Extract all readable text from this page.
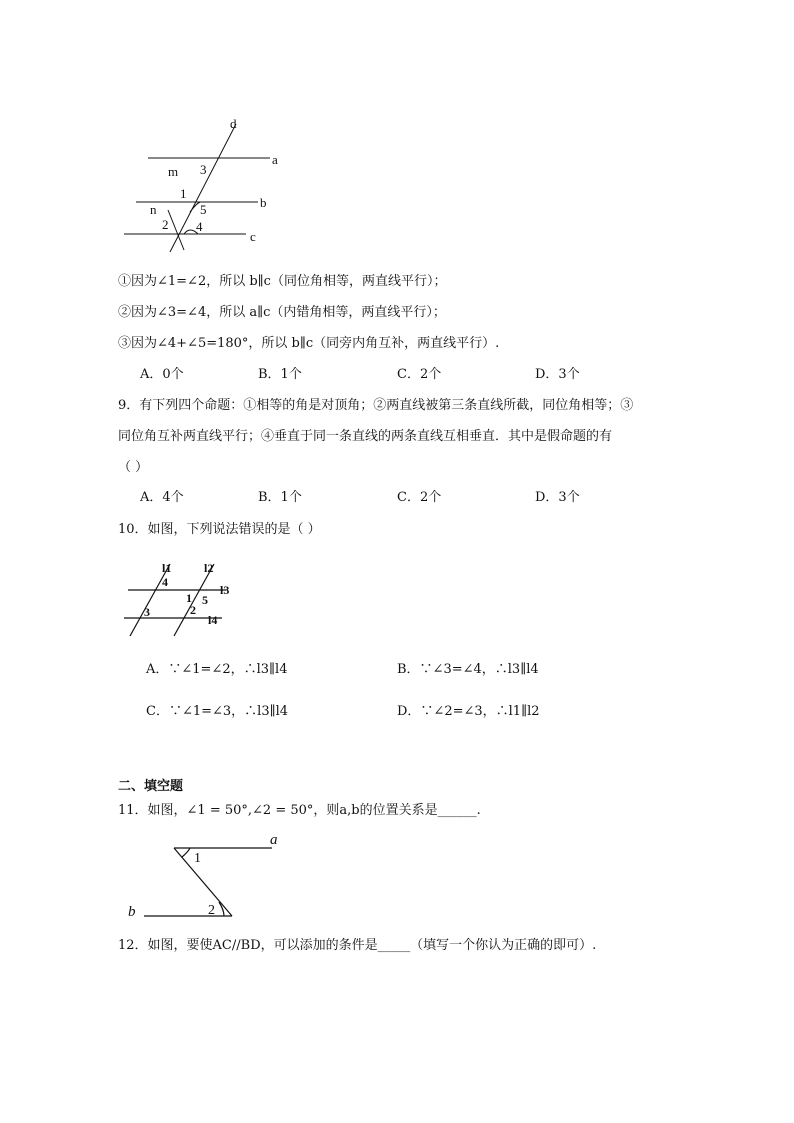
d
a
b
c
m
n
1
2
3
4
5
①因为∠1=∠2，所以 b∥c（同位角相等，两直线平行）；
②因为∠3=∠4，所以 a∥c（内错角相等，两直线平行）；
③因为∠4+∠5=180°，所以 b∥c（同旁内角互补，两直线平行）.
A．0个	B．1个	C．2个	D．3个
9．有下列四个命题：①相等的角是对顶角；②两直线被第三条直线所截，同位角相等；③
同位角互补两直线平行；④垂直于同一条直线的两条直线互相垂直．其中是假命题的有
（ ）
A．4个	B．1个	C．2个	D．3个
10．如图，下列说法错误的是（ ）
l1	l2
l3
l4
4
1 5
3	2
A．∵∠1=∠2，∴l3∥l4	B．∵∠3=∠4，∴l3∥l4
C．∵∠1=∠3，∴l3∥l4	D．∵∠2=∠3，∴l1∥l2
二、填空题
11．如图，∠1 = 50°,∠2 = 50°，则a,b的位置关系是______.
a
b
1
2
12．如图，要使AC//BD，可以添加的条件是_____（填写一个你认为正确的即可）.
